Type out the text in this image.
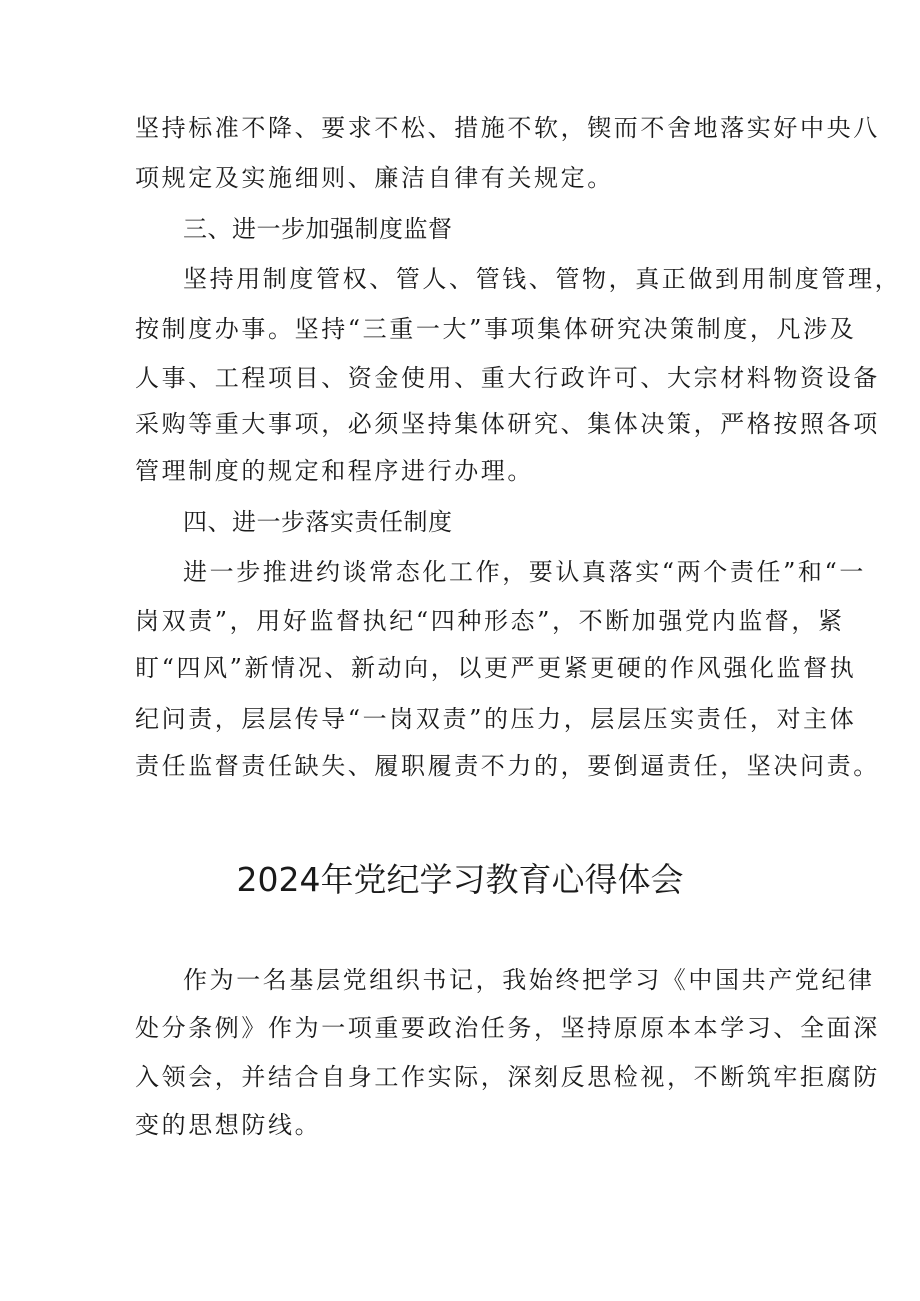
坚持标准不降、要求不松、措施不软，锲而不舍地落实好中央八
项规定及实施细则、廉洁自律有关规定。
三、进一步加强制度监督
坚持用制度管权、管人、管钱、管物，真正做到用制度管理，
按制度办事。坚持“三重一大”事项集体研究决策制度，凡涉及
人事、工程项目、资金使用、重大行政许可、大宗材料物资设备
采购等重大事项，必须坚持集体研究、集体决策，严格按照各项
管理制度的规定和程序进行办理。
四、进一步落实责任制度
进一步推进约谈常态化工作，要认真落实“两个责任”和“一
岗双责”，用好监督执纪“四种形态”，不断加强党内监督，紧
盯“四风”新情况、新动向，以更严更紧更硬的作风强化监督执
纪问责，层层传导“一岗双责”的压力，层层压实责任，对主体
责任监督责任缺失、履职履责不力的，要倒逼责任，坚决问责。
2024年党纪学习教育心得体会
作为一名基层党组织书记，我始终把学习《中国共产党纪律
处分条例》作为一项重要政治任务，坚持原原本本学习、全面深
入领会，并结合自身工作实际，深刻反思检视，不断筑牢拒腐防
变的思想防线。
